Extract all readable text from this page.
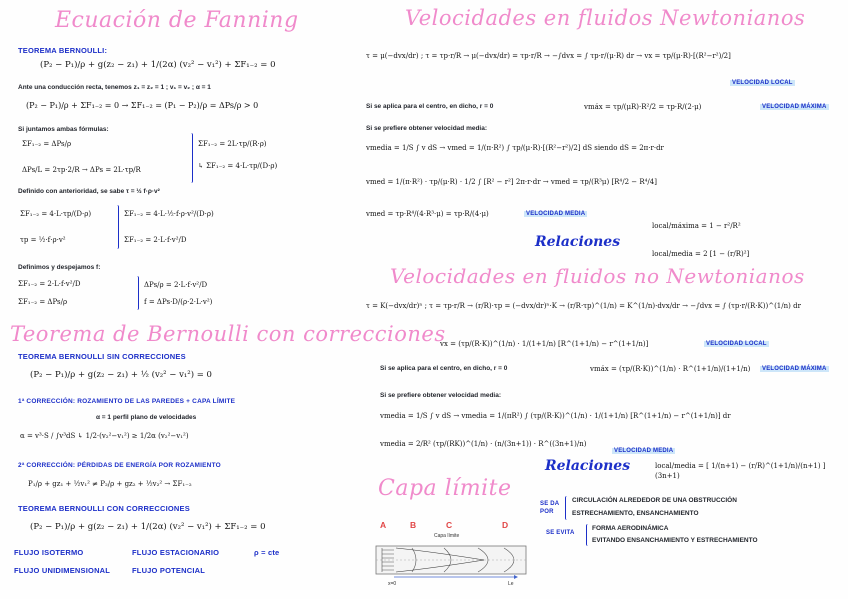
Ecuación de Fanning
TEOREMA BERNOULLI:
(P₂ − P₁)/ρ + g(z₂ − z₁) + 1/(2α) (v₂² − v₁²) + ΣF₁₋₂ = 0
Ante una conducción recta, tenemos z₁ = z₂ = 1 ; v₁ = v₂ ; α = 1
(P₂ − P₁)/ρ + ΣF₁₋₂ = 0 → ΣF₁₋₂ = (P₁ − P₂)/ρ = ΔPs/ρ > 0
Si juntamos ambas fórmulas:
ΣF₁₋₂ = ΔPs/ρ
ΔPs/L = 2τp·2/R → ΔPs = 2L·τp/R
ΣF₁₋₂ = 2L·τp/(R·ρ)
↳ ΣF₁₋₂ = 4·L·τp/(D·ρ)
Definido con anterioridad, se sabe τ = ½ f·ρ·v²
ΣF₁₋₂ = 4·L·τp/(D·ρ)
τp = ½·f·ρ·v²
ΣF₁₋₂ = 4·L·½·f·ρ·v²/(D·ρ)
ΣF₁₋₂ = 2·L·f·v²/D
Definimos y despejamos f:
ΣF₁₋₂ = 2·L·f·v²/D
ΣF₁₋₂ = ΔPs/ρ
ΔPs/ρ = 2·L·f·v²/D
f = ΔPs·D/(ρ·2·L·v²)
Teorema de Bernoulli con correcciones
TEOREMA BERNOULLI SIN CORRECCIONES
(P₂ − P₁)/ρ + g(z₂ − z₁) + ½ (v₂² − v₁²) = 0
1ª CORRECCIÓN: ROZAMIENTO DE LAS PAREDES + CAPA LÍMITE
α = 1 perfil plano de velocidades
α = v³·S / ∫v³dS ↳ 1/2·(v₂²−v₁²) ≥ 1/2α (v₂²−v₁²)
2ª CORRECCIÓN: PÉRDIDAS DE ENERGÍA POR ROZAMIENTO
P₁/ρ + gz₁ + ½v₁² ≠ P₂/ρ + gz₂ + ½v₂² → ΣF₁₋₂
TEOREMA BERNOULLI CON CORRECCIONES
(P₂ − P₁)/ρ + g(z₂ − z₁) + 1/(2α) (v₂² − v₁²) + ΣF₁₋₂ = 0
FLUJO ISOTERMO	FLUJO ESTACIONARIO	ρ = cte
FLUJO UNIDIMENSIONAL	FLUJO POTENCIAL
Velocidades en fluidos Newtonianos
τ = μ(−dvx/dr) ; τ = τp·r/R → μ(−dvx/dr) = τp·r/R → −∫dvx = ∫ τp·r/(μ·R) dr → vx = τp/(μ·R)·[(R²−r²)/2]
VELOCIDAD LOCAL
Si se aplica para el centro, en dicho, r = 0	vmáx = τp/(μR)·R²/2 = τp·R/(2·μ)	VELOCIDAD MÁXIMA
Si se prefiere obtener velocidad media:
vmedia = 1/S ∫ v dS → vmed = 1/(π·R²) ∫ τp/(μ·R)·[(R²−r²)/2] dS siendo dS = 2π·r·dr
vmed = 1/(π·R²) · τp/(μ·R) · 1/2 ∫ [R² − r²] 2π·r·dr → vmed = τp/(R³μ) [R⁴/2 − R⁴/4]
vmed = τp·R⁴/(4·R³·μ) = τp·R/(4·μ)	VELOCIDAD MEDIA
Relaciones
local/máxima = 1 − r²/R²
local/media = 2 [1 − (r/R)²]
Velocidades en fluidos no Newtonianos
τ = K(−dvx/dr)ⁿ ; τ = τp·r/R → (r/R)·τp = (−dvx/dr)ⁿ·K → (r/R·τp)^(1/n) = K^(1/n)·dvx/dr → −∫dvx = ∫ (τp·r/(R·K))^(1/n) dr
vx = (τp/(R·K))^(1/n) · 1/(1+1/n) [R^(1+1/n) − r^(1+1/n)]	VELOCIDAD LOCAL
Si se aplica para el centro, en dicho, r = 0	vmáx = (τp/(R·K))^(1/n) · R^(1+1/n)/(1+1/n)	VELOCIDAD MÁXIMA
Si se prefiere obtener velocidad media:
vmedia = 1/S ∫ v dS → vmedia = 1/(πR²) ∫ (τp/(R·K))^(1/n) · 1/(1+1/n) [R^(1+1/n) − r^(1+1/n)] dr
vmedia = 2/R² (τp/(RK))^(1/n) · (n/(3n+1)) · R^((3n+1)/n)
VELOCIDAD MEDIA
Relaciones	local/media = [ 1/(n+1) − (r/R)^(1+1/n)/(n+1) ] (3n+1)
Capa límite
SE DA POR
CIRCULACIÓN ALREDEDOR DE UNA OBSTRUCCIÓN
ESTRECHAMIENTO, ENSANCHAMIENTO
SE EVITA
FORMA AERODINÁMICA
EVITANDO ENSANCHAMIENTO Y ESTRECHAMIENTO
A	B	C	D
Capa límite
x=0	Le
